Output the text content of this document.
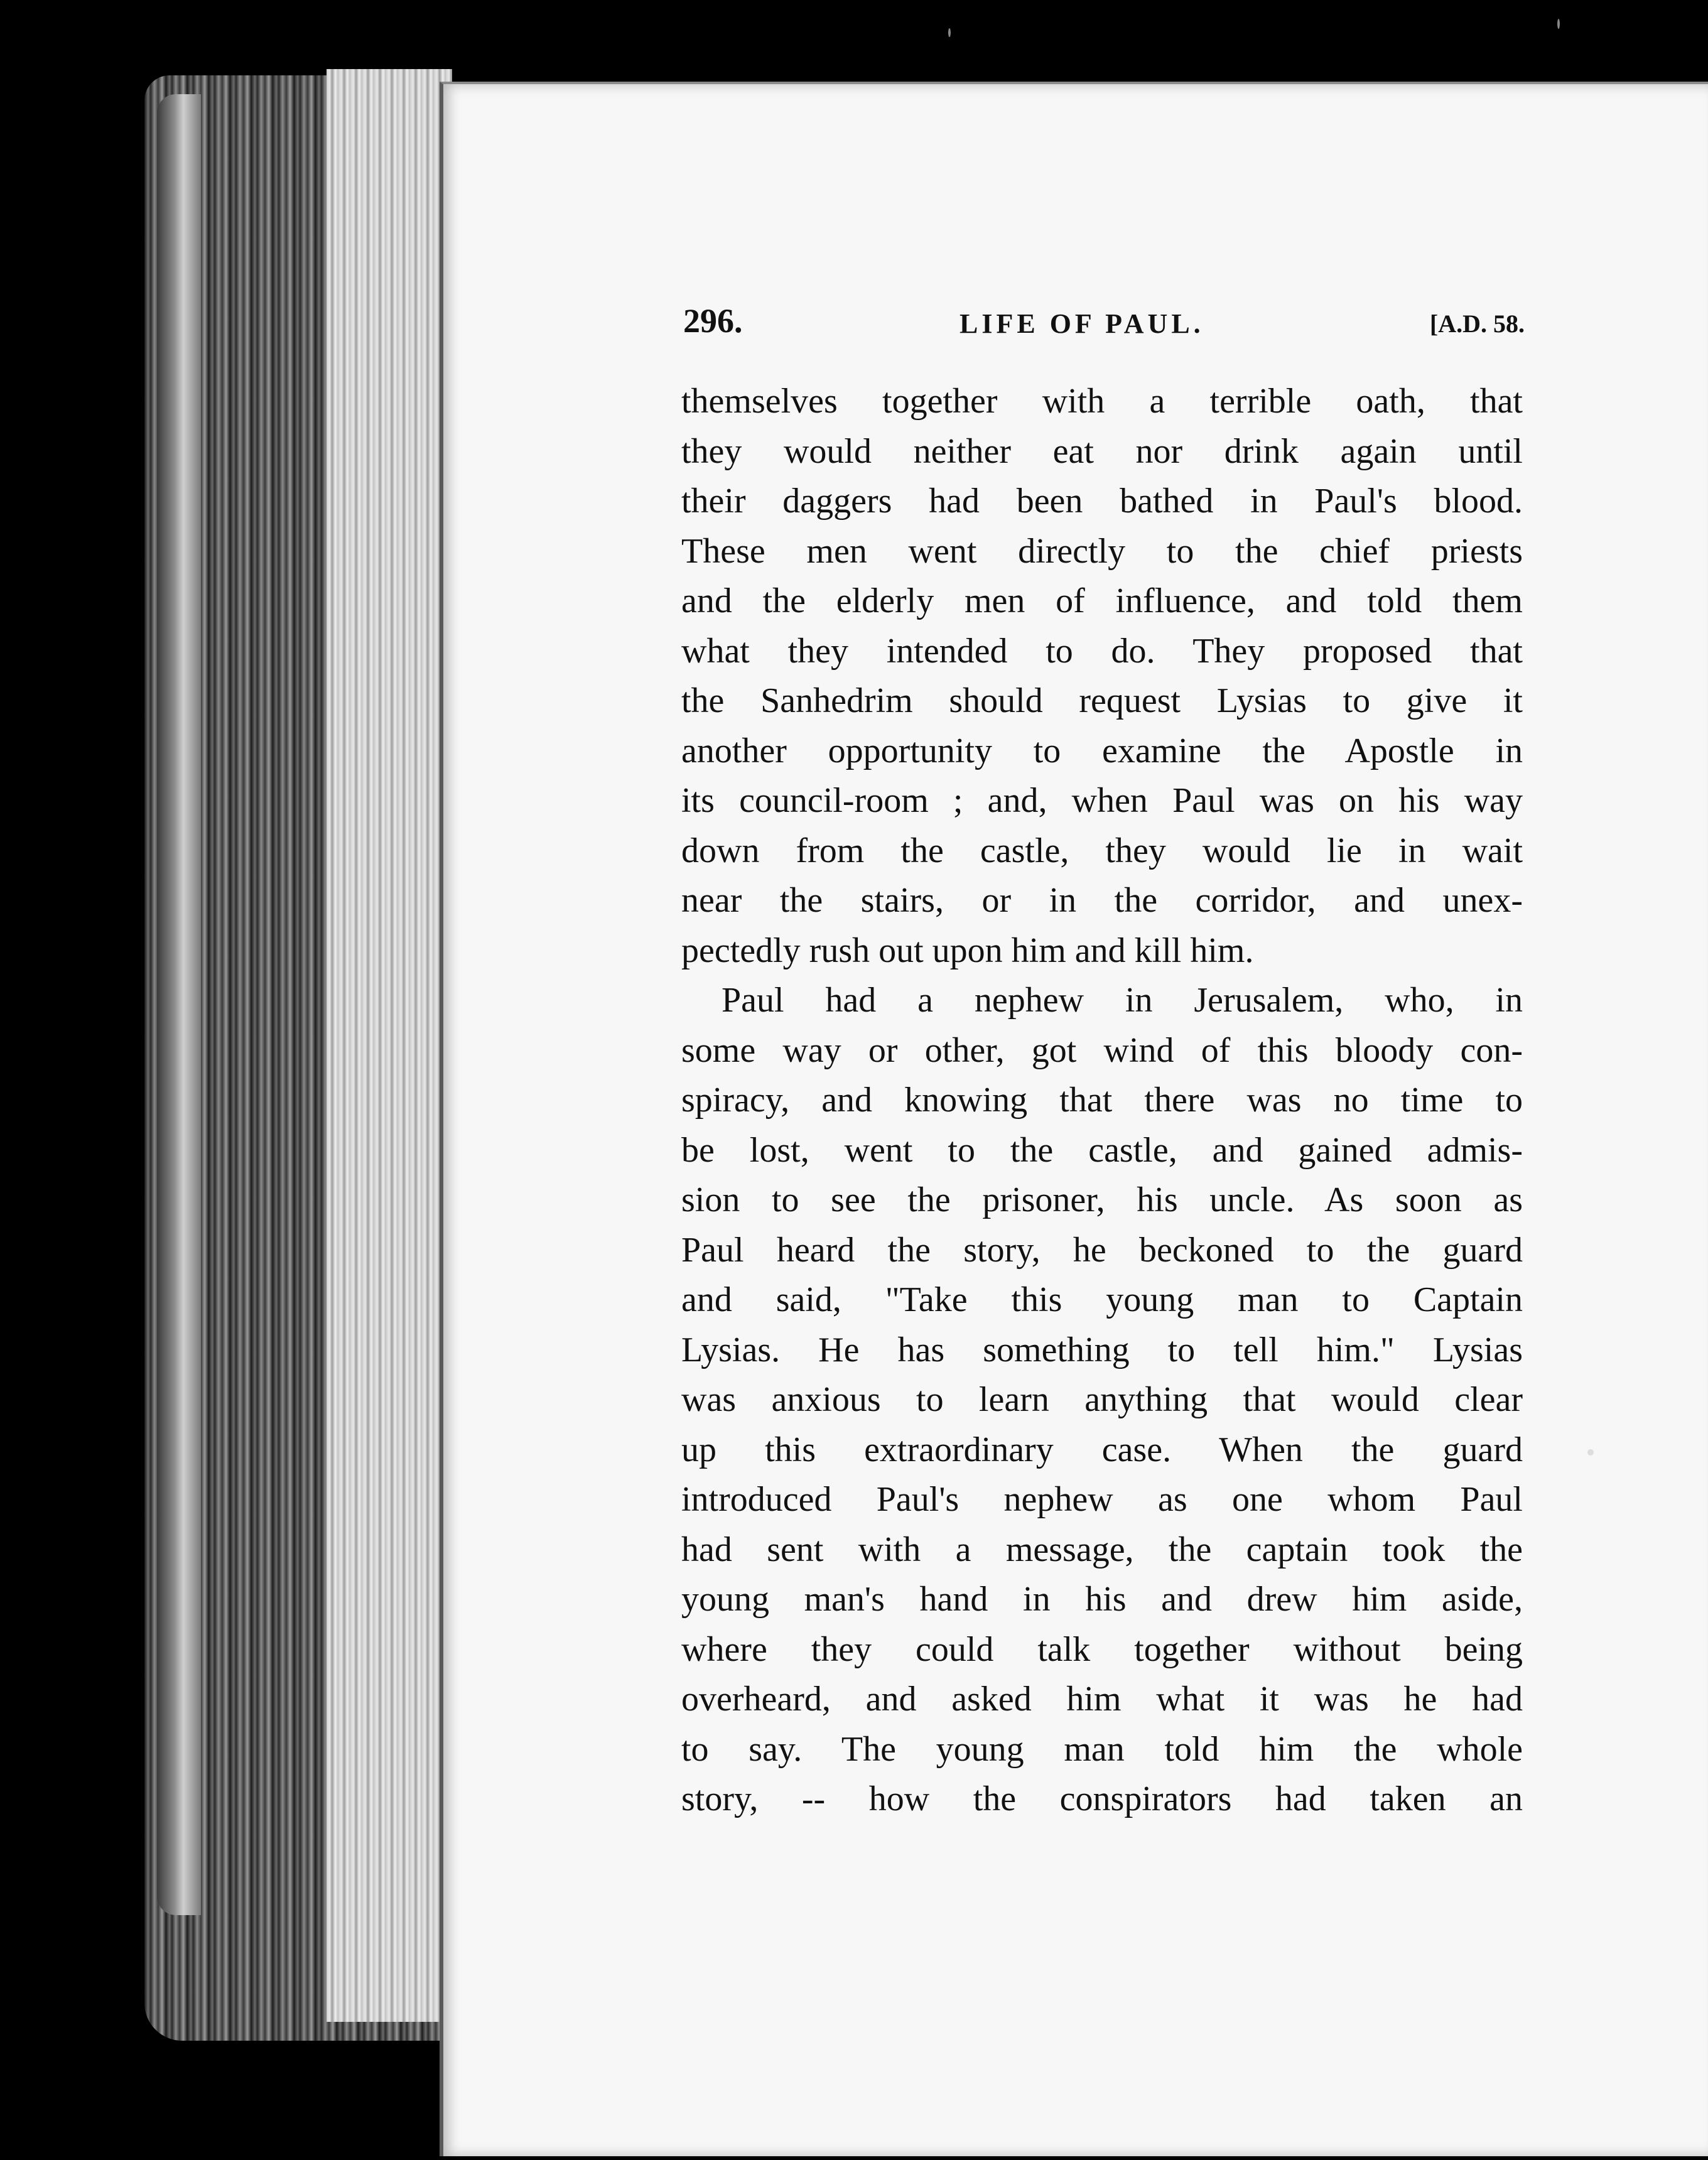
296.	LIFE OF PAUL.	[A.D. 58.
themselves together with a terrible oath, that
they would neither eat nor drink again until
their daggers had been bathed in Paul's blood.
These men went directly to the chief priests
and the elderly men of influence, and told them
what they intended to do. They proposed that
the Sanhedrim should request Lysias to give it
another opportunity to examine the Apostle in
its council-room ; and, when Paul was on his way
down from the castle, they would lie in wait
near the stairs, or in the corridor, and unex-
pectedly rush out upon him and kill him.
Paul had a nephew in Jerusalem, who, in
some way or other, got wind of this bloody con-
spiracy, and knowing that there was no time to
be lost, went to the castle, and gained admis-
sion to see the prisoner, his uncle. As soon as
Paul heard the story, he beckoned to the guard
and said, "Take this young man to Captain
Lysias. He has something to tell him." Lysias
was anxious to learn anything that would clear
up this extraordinary case. When the guard
introduced Paul's nephew as one whom Paul
had sent with a message, the captain took the
young man's hand in his and drew him aside,
where they could talk together without being
overheard, and asked him what it was he had
to say. The young man told him the whole
story, -- how the conspirators had taken an
